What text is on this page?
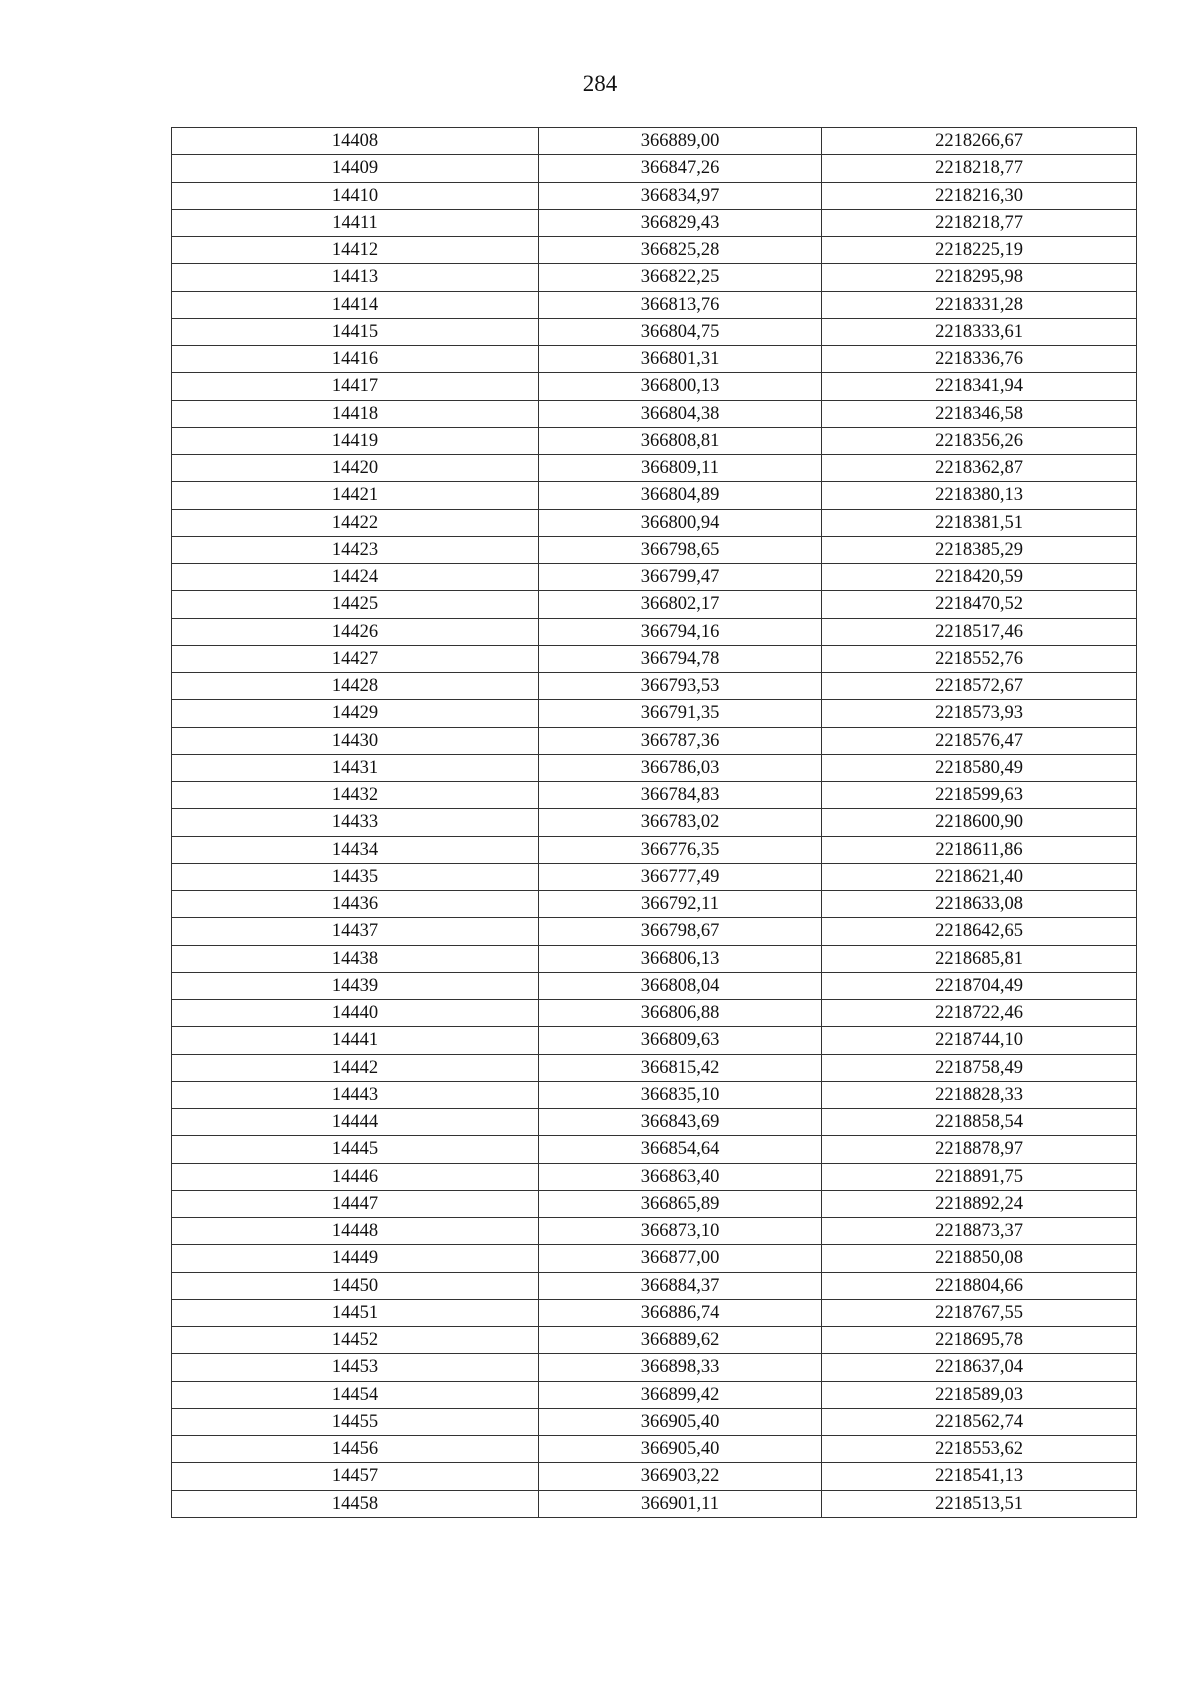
284
14408	366889,00	2218266,67
14409	366847,26	2218218,77
14410	366834,97	2218216,30
14411	366829,43	2218218,77
14412	366825,28	2218225,19
14413	366822,25	2218295,98
14414	366813,76	2218331,28
14415	366804,75	2218333,61
14416	366801,31	2218336,76
14417	366800,13	2218341,94
14418	366804,38	2218346,58
14419	366808,81	2218356,26
14420	366809,11	2218362,87
14421	366804,89	2218380,13
14422	366800,94	2218381,51
14423	366798,65	2218385,29
14424	366799,47	2218420,59
14425	366802,17	2218470,52
14426	366794,16	2218517,46
14427	366794,78	2218552,76
14428	366793,53	2218572,67
14429	366791,35	2218573,93
14430	366787,36	2218576,47
14431	366786,03	2218580,49
14432	366784,83	2218599,63
14433	366783,02	2218600,90
14434	366776,35	2218611,86
14435	366777,49	2218621,40
14436	366792,11	2218633,08
14437	366798,67	2218642,65
14438	366806,13	2218685,81
14439	366808,04	2218704,49
14440	366806,88	2218722,46
14441	366809,63	2218744,10
14442	366815,42	2218758,49
14443	366835,10	2218828,33
14444	366843,69	2218858,54
14445	366854,64	2218878,97
14446	366863,40	2218891,75
14447	366865,89	2218892,24
14448	366873,10	2218873,37
14449	366877,00	2218850,08
14450	366884,37	2218804,66
14451	366886,74	2218767,55
14452	366889,62	2218695,78
14453	366898,33	2218637,04
14454	366899,42	2218589,03
14455	366905,40	2218562,74
14456	366905,40	2218553,62
14457	366903,22	2218541,13
14458	366901,11	2218513,51
